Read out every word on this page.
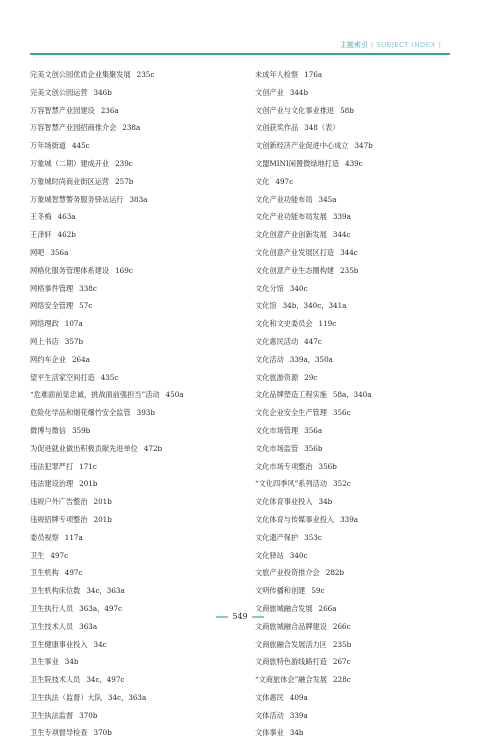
主题索引 | SUBJECT INDEX |
完美文创公园优质企业集聚发展 235c
完美文创公园运营 346b
万容智慧产业园建设 236a
万容智慧产业园招商推介会 238a
万年场街道 445c
万象城（二期）建成开业 239c
万象城时尚商业街区运营 257b
万象城智慧警务服务驿站运行 383a
王冬梅 463a
王泽轩 462b
网吧 356a
网格化服务管理体系建设 169c
网格事件管理 338c
网络安全管理 57c
网络理政 107a
网上书店 357b
网约车企业 264a
望平生活家空间打造 435c
“危难面前显忠诚，挑战面前强担当”活动 450a
危险化学品和烟花爆竹安全监管 393b
微博与微信 359b
为促进就业做出积极贡献先进单位 472b
违法犯罪严打 171c
违法建设治理 201b
违规户外广告整治 201b
违规招牌专项整治 201b
委员视察 117a
卫生 497c
卫生机构 497c
卫生机构床位数 34c，363a
卫生执行人员 363a，497c
卫生技术人员 363a
卫生健康事业投入 34c
卫生事业 34b
卫生院技术人员 34c，497c
卫生执法（监督）大队 34c，363a
卫生执法监督 370b
卫生专项督导检查 370b
未成年人检察 176a
文创产业 344b
文创产业与文化事业推进 58b
文创获奖作品 348（表）
文创新经济产业促进中心成立 347b
文盟MINI闲置微绿地打造 439c
文化 497c
文化产业功能布局 345a
文化产业功能布局发展 339a
文化创意产业创新发展 344c
文化创意产业发展区打造 344c
文化创意产业生态圈构建 235b
文化分馆 340c
文化馆 34b，340c，341a
文化和文史委员会 119c
文化惠民活动 447c
文化活动 339a，350a
文化旅游资源 29c
文化品牌塑造工程实施 58a，340a
文化企业安全生产管理 356c
文化市场管理 356a
文化市场监管 356b
文化市场专项整治 356b
“文化四季风”系列活动 352c
文化体育事业投入 34b
文化体育与传媒事业投入 339a
文化遗产保护 353c
文化驿站 340c
文旅产业投资推介会 282b
文明传播和创建 59c
文商旅城融合发展 266a
文商旅城融合品牌建设 266c
文商旅融合发展活力区 235b
文商旅特色游线路打造 267c
“文商旅体会”融合发展 228c
文体惠民 409a
文体活动 339a
文体事业 34b
549
